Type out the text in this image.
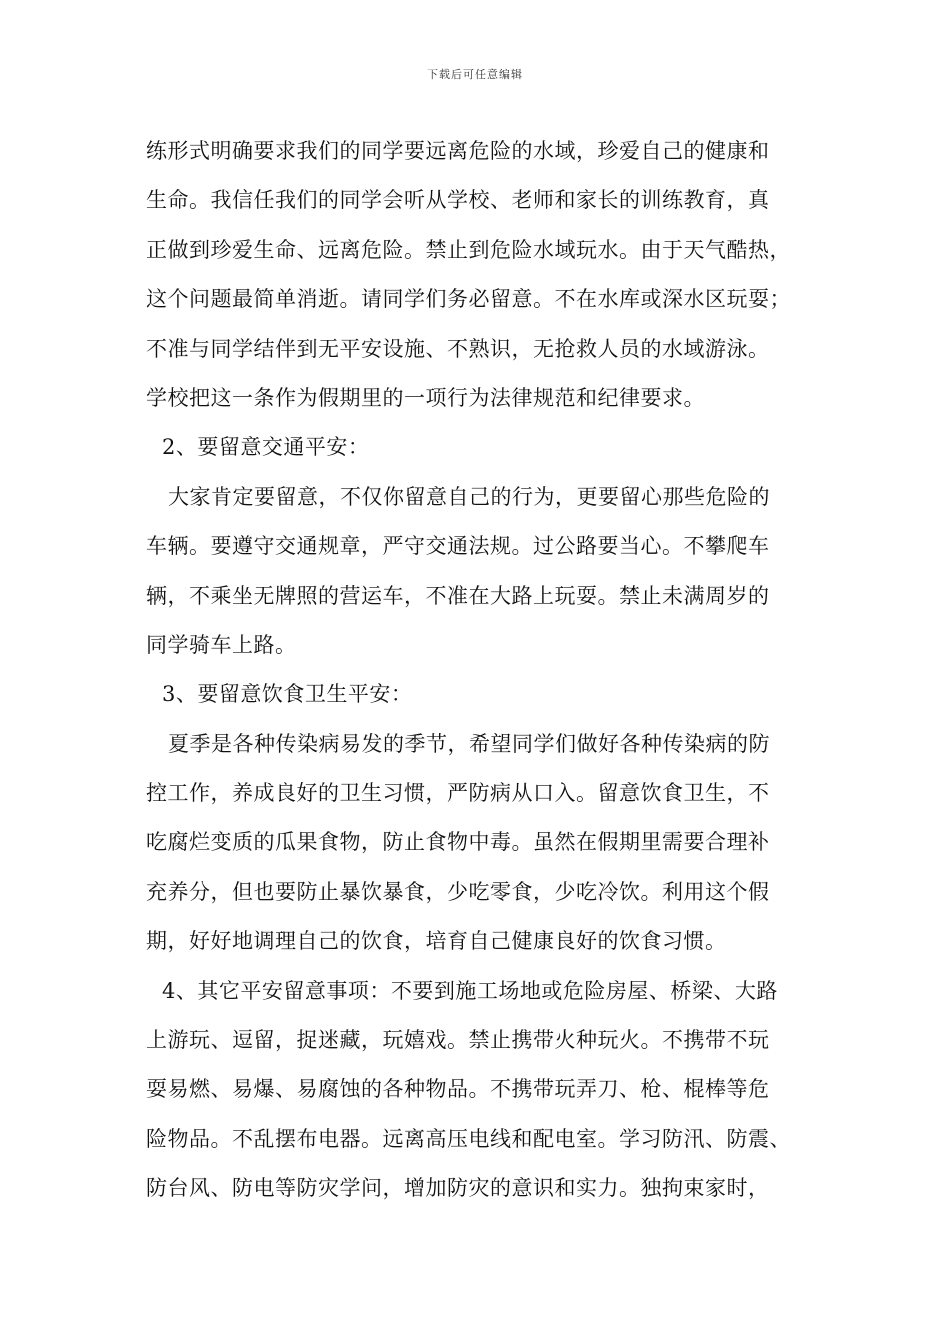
下载后可任意编辑
练形式明确要求我们的同学要远离危险的水域，珍爱自己的健康和
生命。我信任我们的同学会听从学校、老师和家长的训练教育，真
正做到珍爱生命、远离危险。禁止到危险水域玩水。由于天气酷热，
这个问题最简单消逝。请同学们务必留意。不在水库或深水区玩耍；
不准与同学结伴到无平安设施、不熟识，无抢救人员的水域游泳。
学校把这一条作为假期里的一项行为法律规范和纪律要求。
2、要留意交通平安：
大家肯定要留意，不仅你留意自己的行为，更要留心那些危险的
车辆。要遵守交通规章，严守交通法规。过公路要当心。不攀爬车
辆，不乘坐无牌照的营运车，不准在大路上玩耍。禁止未满周岁的
同学骑车上路。
3、要留意饮食卫生平安：
夏季是各种传染病易发的季节，希望同学们做好各种传染病的防
控工作，养成良好的卫生习惯，严防病从口入。留意饮食卫生，不
吃腐烂变质的瓜果食物，防止食物中毒。虽然在假期里需要合理补
充养分，但也要防止暴饮暴食，少吃零食，少吃冷饮。利用这个假
期，好好地调理自己的饮食，培育自己健康良好的饮食习惯。
4、其它平安留意事项：不要到施工场地或危险房屋、桥梁、大路
上游玩、逗留，捉迷藏，玩嬉戏。禁止携带火种玩火。不携带不玩
耍易燃、易爆、易腐蚀的各种物品。不携带玩弄刀、枪、棍棒等危
险物品。不乱摆布电器。远离高压电线和配电室。学习防汛、防震、
防台风、防电等防灾学问，增加防灾的意识和实力。独拘束家时，
